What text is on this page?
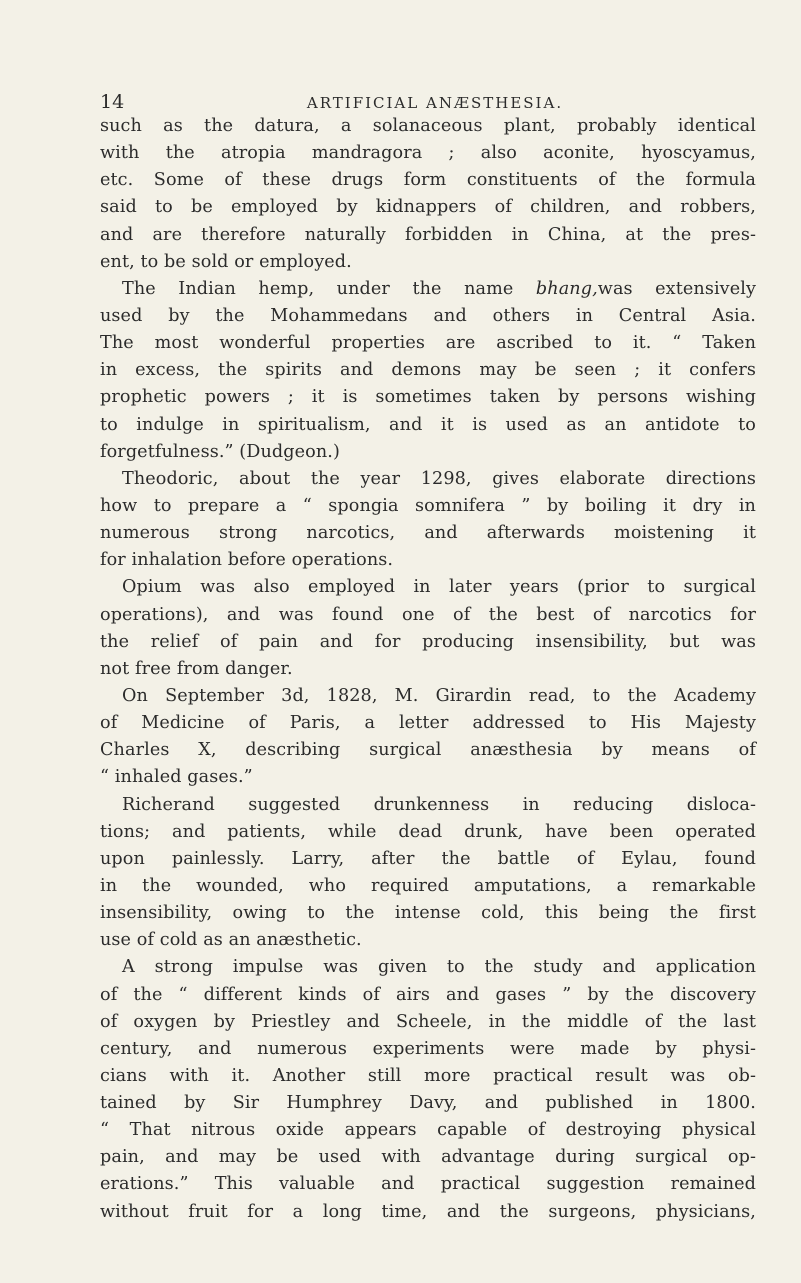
14	ARTIFICIAL ANÆSTHESIA.
such as the datura, a solanaceous plant, probably identical
with the atropia mandragora ; also aconite, hyoscyamus,
etc. Some of these drugs form constituents of the formula
said to be employed by kidnappers of children, and robbers,
and are therefore naturally forbidden in China, at the pres-
ent, to be sold or employed.
The Indian hemp, under the name bhang,was extensively
used by the Mohammedans and others in Central Asia.
The most wonderful properties are ascribed to it. “ Taken
in excess, the spirits and demons may be seen ; it confers
prophetic powers ; it is sometimes taken by persons wishing
to indulge in spiritualism, and it is used as an antidote to
forgetfulness.” (Dudgeon.)
Theodoric, about the year 1298, gives elaborate directions
how to prepare a “ spongia somnifera ” by boiling it dry in
numerous strong narcotics, and afterwards moistening it
for inhalation before operations.
Opium was also employed in later years (prior to surgical
operations), and was found one of the best of narcotics for
the relief of pain and for producing insensibility, but was
not free from danger.
On September 3d, 1828, M. Girardin read, to the Academy
of Medicine of Paris, a letter addressed to His Majesty
Charles X, describing surgical anæsthesia by means of
“ inhaled gases.”
Richerand suggested drunkenness in reducing disloca-
tions; and patients, while dead drunk, have been operated
upon painlessly. Larry, after the battle of Eylau, found
in the wounded, who required amputations, a remarkable
insensibility, owing to the intense cold, this being the first
use of cold as an anæsthetic.
A strong impulse was given to the study and application
of the “ different kinds of airs and gases ” by the discovery
of oxygen by Priestley and Scheele, in the middle of the last
century, and numerous experiments were made by physi-
cians with it. Another still more practical result was ob-
tained by Sir Humphrey Davy, and published in 1800.
“ That nitrous oxide appears capable of destroying physical
pain, and may be used with advantage during surgical op-
erations.” This valuable and practical suggestion remained
without fruit for a long time, and the surgeons, physicians,
